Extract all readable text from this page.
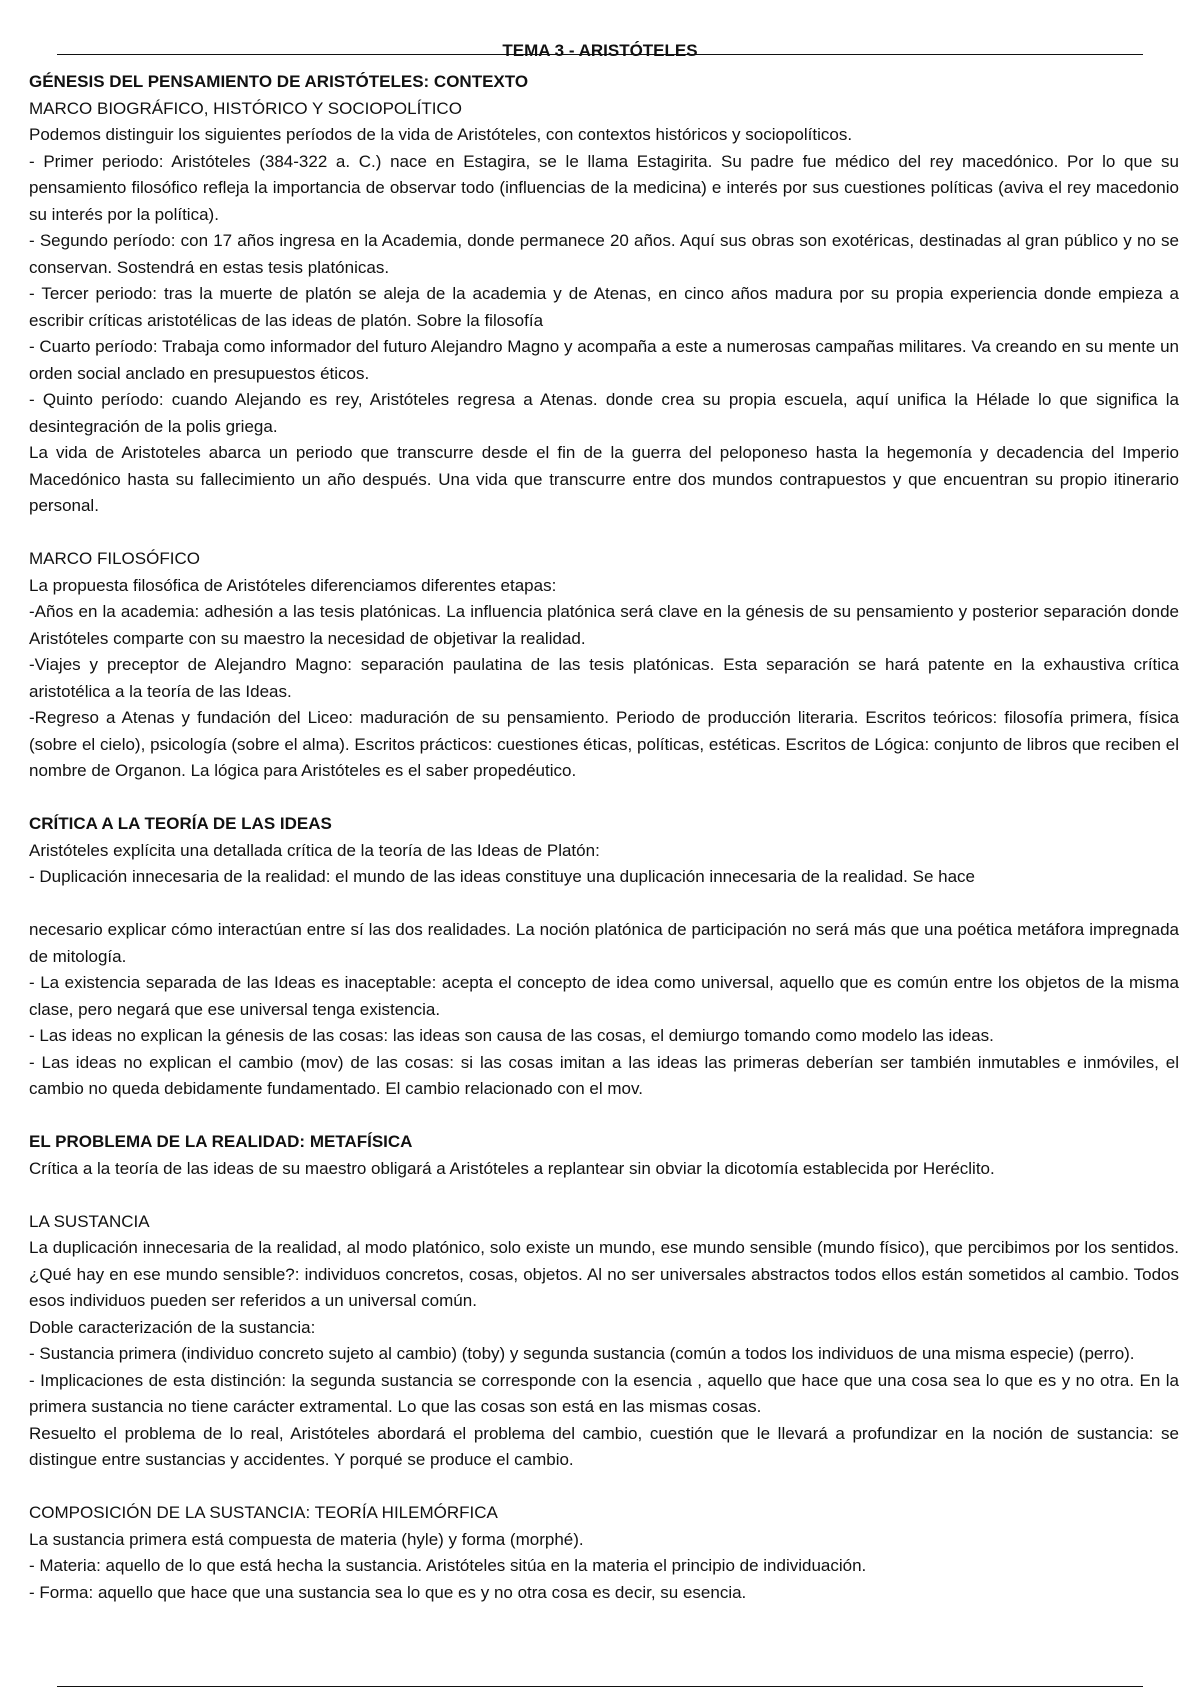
TEMA 3 - ARISTÓTELES
GÉNESIS DEL PENSAMIENTO DE ARISTÓTELES: CONTEXTO
MARCO BIOGRÁFICO, HISTÓRICO Y SOCIOPOLÍTICO
Podemos distinguir los siguientes períodos de la vida de Aristóteles, con contextos históricos y sociopolíticos.
- Primer periodo: Aristóteles (384-322 a. C.) nace en Estagira, se le llama Estagirita. Su padre fue médico del rey macedónico. Por lo que su pensamiento filosófico refleja la importancia de observar todo (influencias de la medicina) e interés por sus cuestiones políticas (aviva el rey macedonio su interés por la política).
- Segundo período: con 17 años ingresa en la Academia, donde permanece 20 años. Aquí sus obras son exotéricas, destinadas al gran público y no se conservan. Sostendrá en estas tesis platónicas.
- Tercer periodo: tras la muerte de platón se aleja de la academia y de Atenas, en cinco años madura por su propia experiencia donde empieza a escribir críticas aristotélicas de las ideas de platón. Sobre la filosofía
- Cuarto período: Trabaja como informador del futuro Alejandro Magno y acompaña a este a numerosas campañas militares. Va creando en su mente un orden social anclado en presupuestos éticos.
- Quinto período: cuando Alejando es rey, Aristóteles regresa a Atenas. donde crea su propia escuela, aquí unifica la Hélade lo que significa la desintegración de la polis griega.
La vida de Aristoteles abarca un periodo que transcurre desde el fin de la guerra del peloponeso hasta la hegemonía y decadencia del Imperio Macedónico hasta su fallecimiento un año después. Una vida que transcurre entre dos mundos contrapuestos y que encuentran su propio itinerario personal.
MARCO FILOSÓFICO
La propuesta filosófica de Aristóteles diferenciamos diferentes etapas:
-Años en la academia: adhesión a las tesis platónicas. La influencia platónica será clave en la génesis de su pensamiento y posterior separación donde Aristóteles comparte con su maestro la necesidad de objetivar la realidad.
-Viajes y preceptor de Alejandro Magno: separación paulatina de las tesis platónicas. Esta separación se hará patente en la exhaustiva crítica aristotélica a la teoría de las Ideas.
-Regreso a Atenas y fundación del Liceo: maduración de su pensamiento. Periodo de producción literaria. Escritos teóricos: filosofía primera, física (sobre el cielo), psicología (sobre el alma). Escritos prácticos: cuestiones éticas, políticas, estéticas. Escritos de Lógica: conjunto de libros que reciben el nombre de Organon. La lógica para Aristóteles es el saber propedéutico.
CRÍTICA A LA TEORÍA DE LAS IDEAS
Aristóteles explícita una detallada crítica de la teoría de las Ideas de Platón:
- Duplicación innecesaria de la realidad: el mundo de las ideas constituye una duplicación innecesaria de la realidad. Se hace
necesario explicar cómo interactúan entre sí las dos realidades. La noción platónica de participación no será más que una poética metáfora impregnada de mitología.
- La existencia separada de las Ideas es inaceptable: acepta el concepto de idea como universal, aquello que es común entre los objetos de la misma clase, pero negará que ese universal tenga existencia.
- Las ideas no explican la génesis de las cosas: las ideas son causa de las cosas, el demiurgo tomando como modelo las ideas.
- Las ideas no explican el cambio (mov) de las cosas: si las cosas imitan a las ideas las primeras deberían ser también inmutables e inmóviles, el cambio no queda debidamente fundamentado. El cambio relacionado con el mov.
EL PROBLEMA DE LA REALIDAD: METAFÍSICA
Crítica a la teoría de las ideas de su maestro obligará a Aristóteles a replantear sin obviar la dicotomía establecida por Heréclito.
LA SUSTANCIA
La duplicación innecesaria de la realidad, al modo platónico, solo existe un mundo, ese mundo sensible (mundo físico), que percibimos por los sentidos. ¿Qué hay en ese mundo sensible?: individuos concretos, cosas, objetos. Al no ser universales abstractos todos ellos están sometidos al cambio. Todos esos individuos pueden ser referidos a un universal común.
Doble caracterización de la sustancia:
- Sustancia primera (individuo concreto sujeto al cambio) (toby) y segunda sustancia (común a todos los individuos de una misma especie) (perro).
- Implicaciones de esta distinción: la segunda sustancia se corresponde con la esencia , aquello que hace que una cosa sea lo que es y no otra. En la primera sustancia no tiene carácter extramental. Lo que las cosas son está en las mismas cosas.
Resuelto el problema de lo real, Aristóteles abordará el problema del cambio, cuestión que le llevará a profundizar en la noción de sustancia: se distingue entre sustancias y accidentes. Y porqué se produce el cambio.
COMPOSICIÓN DE LA SUSTANCIA: TEORÍA HILEMÓRFICA
La sustancia primera está compuesta de materia (hyle) y forma (morphé).
- Materia: aquello de lo que está hecha la sustancia. Aristóteles sitúa en la materia el principio de individuación.
- Forma: aquello que hace que una sustancia sea lo que es y no otra cosa es decir, su esencia.
